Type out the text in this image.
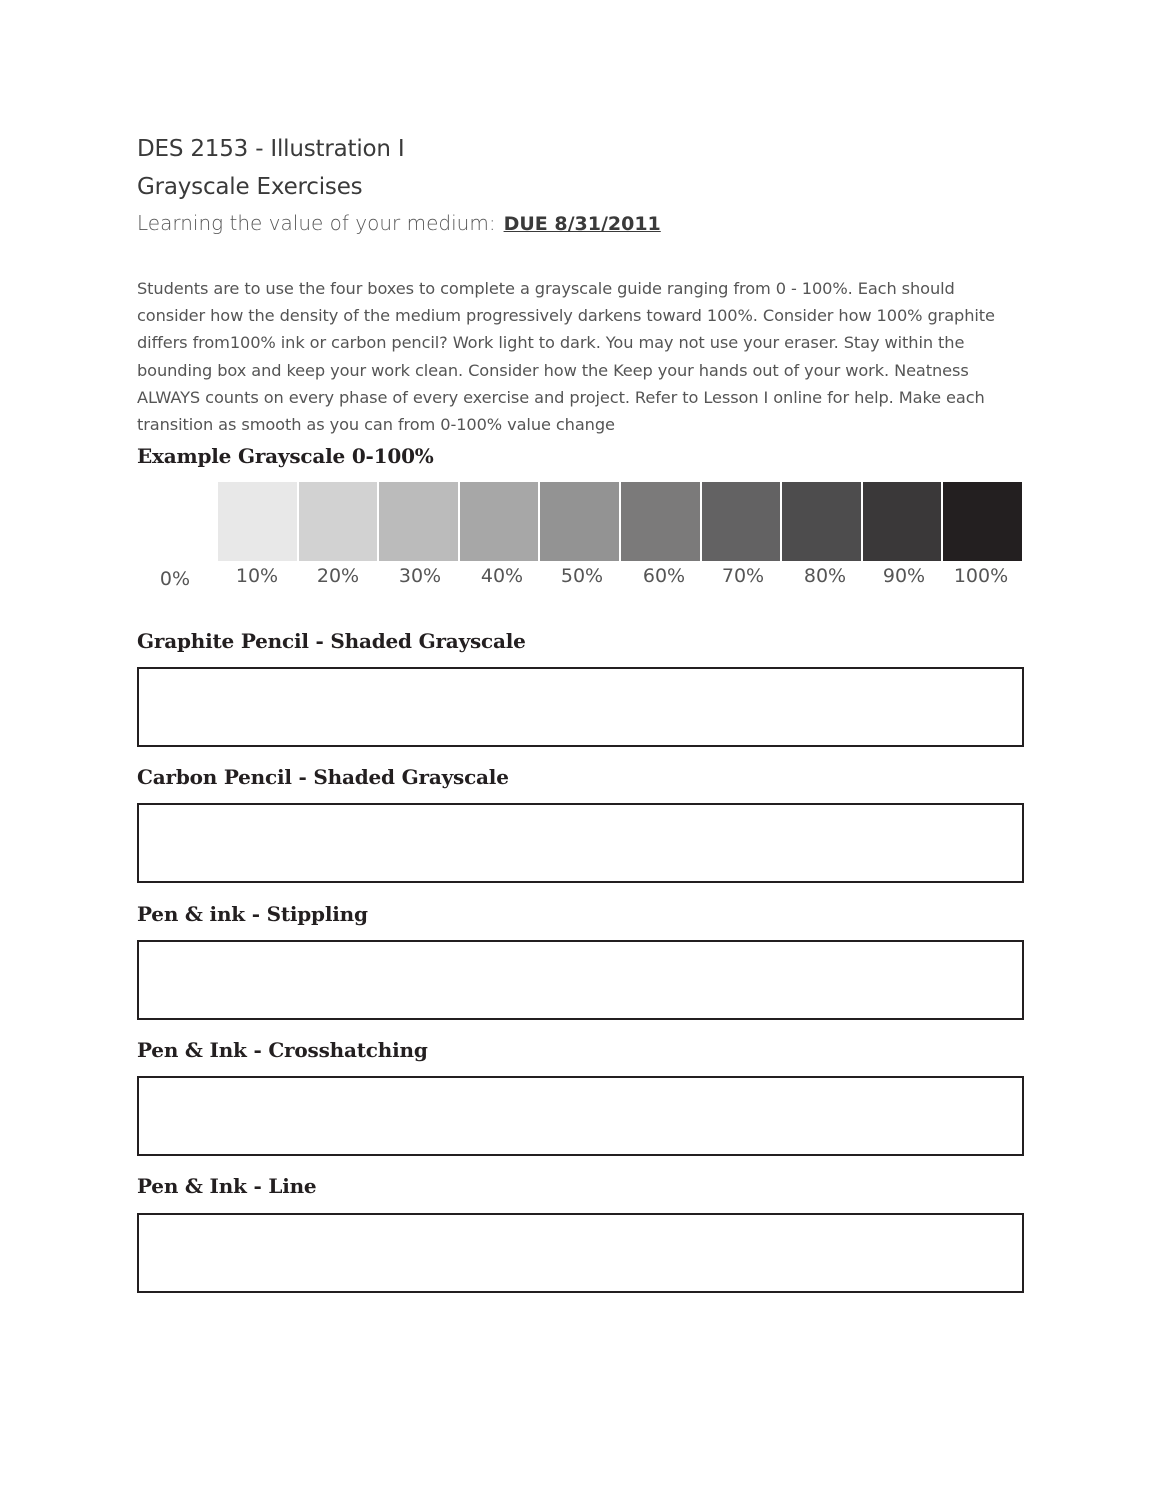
DES 2153 - Illustration I
Grayscale Exercises
Learning the value of your medium: DUE 8/31/2011
Students are to use the four boxes to complete a grayscale guide ranging from 0 - 100%. Each should consider how the density of the medium progressively darkens toward 100%. Consider how 100% graphite differs from100% ink or carbon pencil? Work light to dark. You may not use your eraser. Stay within the bounding box and keep your work clean. Consider how the Keep your hands out of your work. Neatness ALWAYS counts on every phase of every exercise and project. Refer to Lesson I online for help. Make each transition as smooth as you can from 0-100% value change
Example Grayscale 0-100%
0% 10% 20% 30% 40% 50% 60% 70% 80% 90% 100%
Graphite Pencil - Shaded Grayscale
Carbon Pencil - Shaded Grayscale
Pen & ink - Stippling
Pen & Ink - Crosshatching
Pen & Ink - Line
